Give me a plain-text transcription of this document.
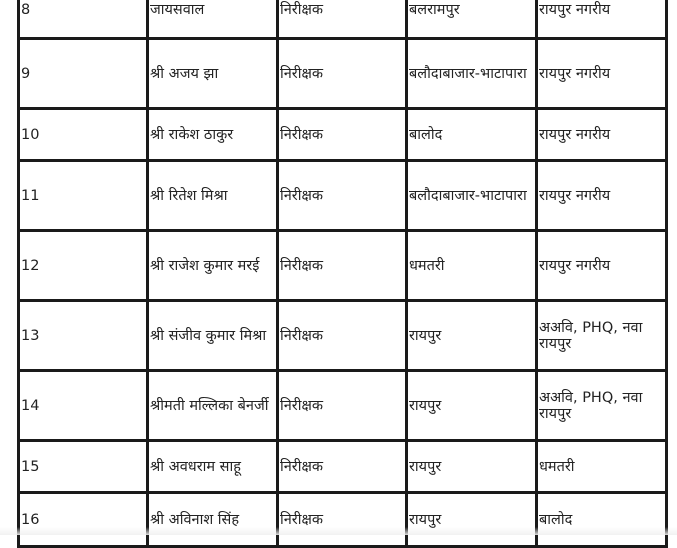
8	जायसवाल	निरीक्षक	बलरामपुर	रायपुर नगरीय
9	श्री अजय झा	निरीक्षक	बलौदाबाजार-भाटापारा	रायपुर नगरीय
10	श्री राकेश ठाकुर	निरीक्षक	बालोद	रायपुर नगरीय
11	श्री रितेश मिश्रा	निरीक्षक	बलौदाबाजार-भाटापारा	रायपुर नगरीय
12	श्री राजेश कुमार मरई	निरीक्षक	धमतरी	रायपुर नगरीय
13	श्री संजीव कुमार मिश्रा	निरीक्षक	रायपुर	अअवि, PHQ, नवा रायपुर
14	श्रीमती मल्लिका बेनर्जी	निरीक्षक	रायपुर	अअवि, PHQ, नवा रायपुर
15	श्री अवधराम साहू	निरीक्षक	रायपुर	धमतरी
16	श्री अविनाश सिंह	निरीक्षक	रायपुर	बालोद
